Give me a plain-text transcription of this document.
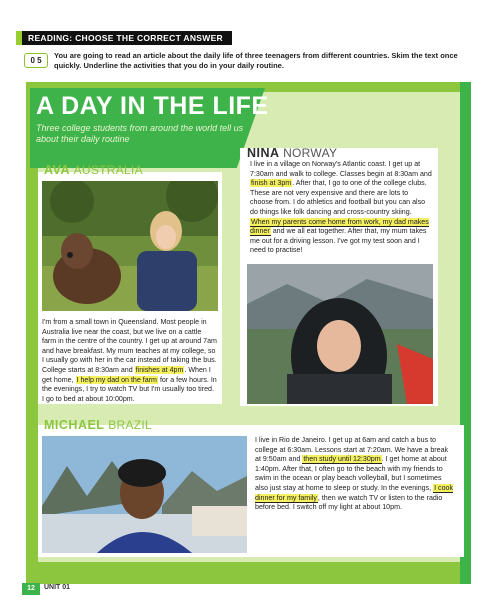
READING: CHOOSE THE CORRECT ANSWER
0 5
You are going to read an article about the daily life of three teenagers from different countries. Skim the text once quickly. Underline the activities that you do in your daily routine.
A DAY IN THE LIFE
Three college students from around the world tell us about their daily routine
AVA AUSTRALIA
I'm from a small town in Queensland. Most people in Australia live near the coast, but we live on a cattle farm in the centre of the country. I get up at around 7am and have breakfast. My mum teaches at my college, so I usually go with her in the car instead of taking the bus. College starts at 8:30am and finishes at 4pm. When I get home, I help my dad on the farm for a few hours. In the evenings, I try to watch TV but I'm usually too tired. I go to bed at about 10:00pm.
NINA NORWAY
I live in a village on Norway's Atlantic coast. I get up at 7:30am and walk to college. Classes begin at 8:30am and finish at 3pm. After that, I go to one of the college clubs. These are not very expensive and there are lots to choose from. I do athletics and football but you can also do things like folk dancing and cross-country skiing. When my parents come home from work, my dad makes dinner and we all eat together. After that, my mum takes me out for a driving lesson. I've got my test soon and I need to practise!
MICHAEL BRAZIL
I live in Rio de Janeiro. I get up at 6am and catch a bus to college at 6:30am. Lessons start at 7:20am. We have a break at 9:50am and then study until 12:30pm. I get home at about 1:40pm. After that, I often go to the beach with my friends to swim in the ocean or play beach volleyball, but I sometimes also just stay at home to sleep or study. In the evenings, I cook dinner for my family, then we watch TV or listen to the radio before bed. I switch off my light at about 10pm.
12	UNIT 01
